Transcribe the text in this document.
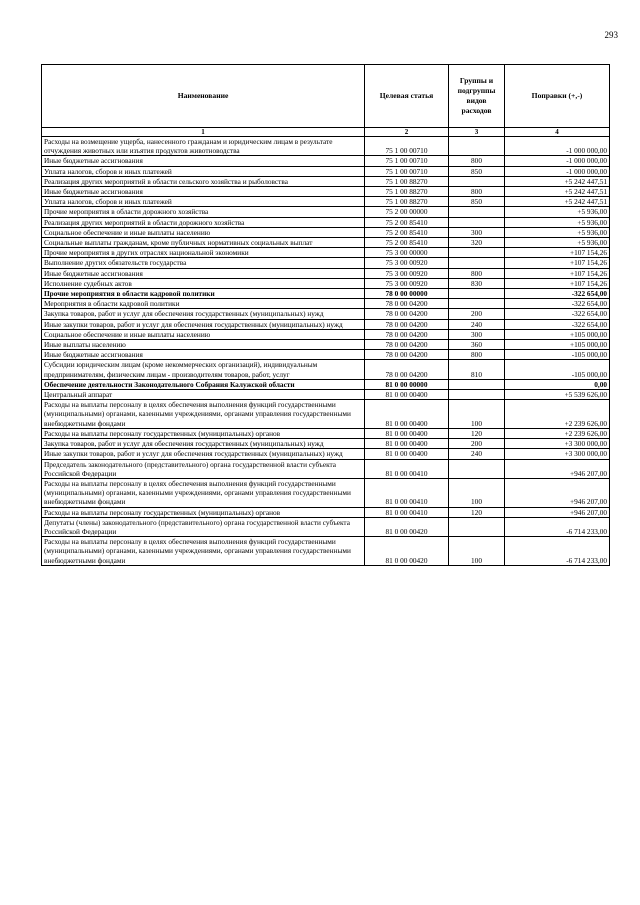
293
Наименование	Целевая статья	Группы и подгруппы видов расходов	Поправки (+,-)
1	2	3	4
Расходы на возмещение ущерба, нанесенного гражданам и юридическим лицам в результате отчуждения животных или изъятия продуктов животноводства	75 1 00 00710		-1 000 000,00
Иные бюджетные ассигнования	75 1 00 00710	800	-1 000 000,00
Уплата налогов, сборов и иных платежей	75 1 00 00710	850	-1 000 000,00
Реализация других мероприятий в области сельского хозяйства и рыболовства	75 1 00 88270		+5 242 447,51
Иные бюджетные ассигнования	75 1 00 88270	800	+5 242 447,51
Уплата налогов, сборов и иных платежей	75 1 00 88270	850	+5 242 447,51
Прочие мероприятия в области дорожного хозяйства	75 2 00 00000		+5 936,00
Реализация других мероприятий в области дорожного хозяйства	75 2 00 85410		+5 936,00
Социальное обеспечение и иные выплаты населению	75 2 00 85410	300	+5 936,00
Социальные выплаты гражданам, кроме публичных нормативных социальных выплат	75 2 00 85410	320	+5 936,00
Прочие мероприятия в других отраслях национальной экономики	75 3 00 00000		+107 154,26
Выполнение других обязательств государства	75 3 00 00920		+107 154,26
Иные бюджетные ассигнования	75 3 00 00920	800	+107 154,26
Исполнение судебных актов	75 3 00 00920	830	+107 154,26
Прочие мероприятия в области кадровой политики	78 0 00 00000		-322 654,00
Мероприятия в области кадровой политики	78 0 00 04200		-322 654,00
Закупка товаров, работ и услуг для обеспечения государственных (муниципальных) нужд	78 0 00 04200	200	-322 654,00
Иные закупки товаров, работ и услуг для обеспечения государственных (муниципальных) нужд	78 0 00 04200	240	-322 654,00
Социальное обеспечение и иные выплаты населению	78 0 00 04200	300	+105 000,00
Иные выплаты населению	78 0 00 04200	360	+105 000,00
Иные бюджетные ассигнования	78 0 00 04200	800	-105 000,00
Субсидии юридическим лицам (кроме некоммерческих организаций), индивидуальным предпринимателям, физическим лицам - производителям товаров, работ, услуг	78 0 00 04200	810	-105 000,00
Обеспечение деятельности Законодательного Собрания Калужской области	81 0 00 00000		0,00
Центральный аппарат	81 0 00 00400		+5 539 626,00
Расходы на выплаты персоналу в целях обеспечения выполнения функций государственными (муниципальными) органами, казенными учреждениями, органами управления государственными внебюджетными фондами	81 0 00 00400	100	+2 239 626,00
Расходы на выплаты персоналу государственных (муниципальных) органов	81 0 00 00400	120	+2 239 626,00
Закупка товаров, работ и услуг для обеспечения государственных (муниципальных) нужд	81 0 00 00400	200	+3 300 000,00
Иные закупки товаров, работ и услуг для обеспечения государственных (муниципальных) нужд	81 0 00 00400	240	+3 300 000,00
Председатель законодательного (представительного) органа государственной власти субъекта Российской Федерации	81 0 00 00410		+946 207,00
Расходы на выплаты персоналу в целях обеспечения выполнения функций государственными (муниципальными) органами, казенными учреждениями, органами управления государственными внебюджетными фондами	81 0 00 00410	100	+946 207,00
Расходы на выплаты персоналу государственных (муниципальных) органов	81 0 00 00410	120	+946 207,00
Депутаты (члены) законодательного (представительного) органа государственной власти субъекта Российской Федерации	81 0 00 00420		-6 714 233,00
Расходы на выплаты персоналу в целях обеспечения выполнения функций государственными (муниципальными) органами, казенными учреждениями, органами управления государственными внебюджетными фондами	81 0 00 00420	100	-6 714 233,00
